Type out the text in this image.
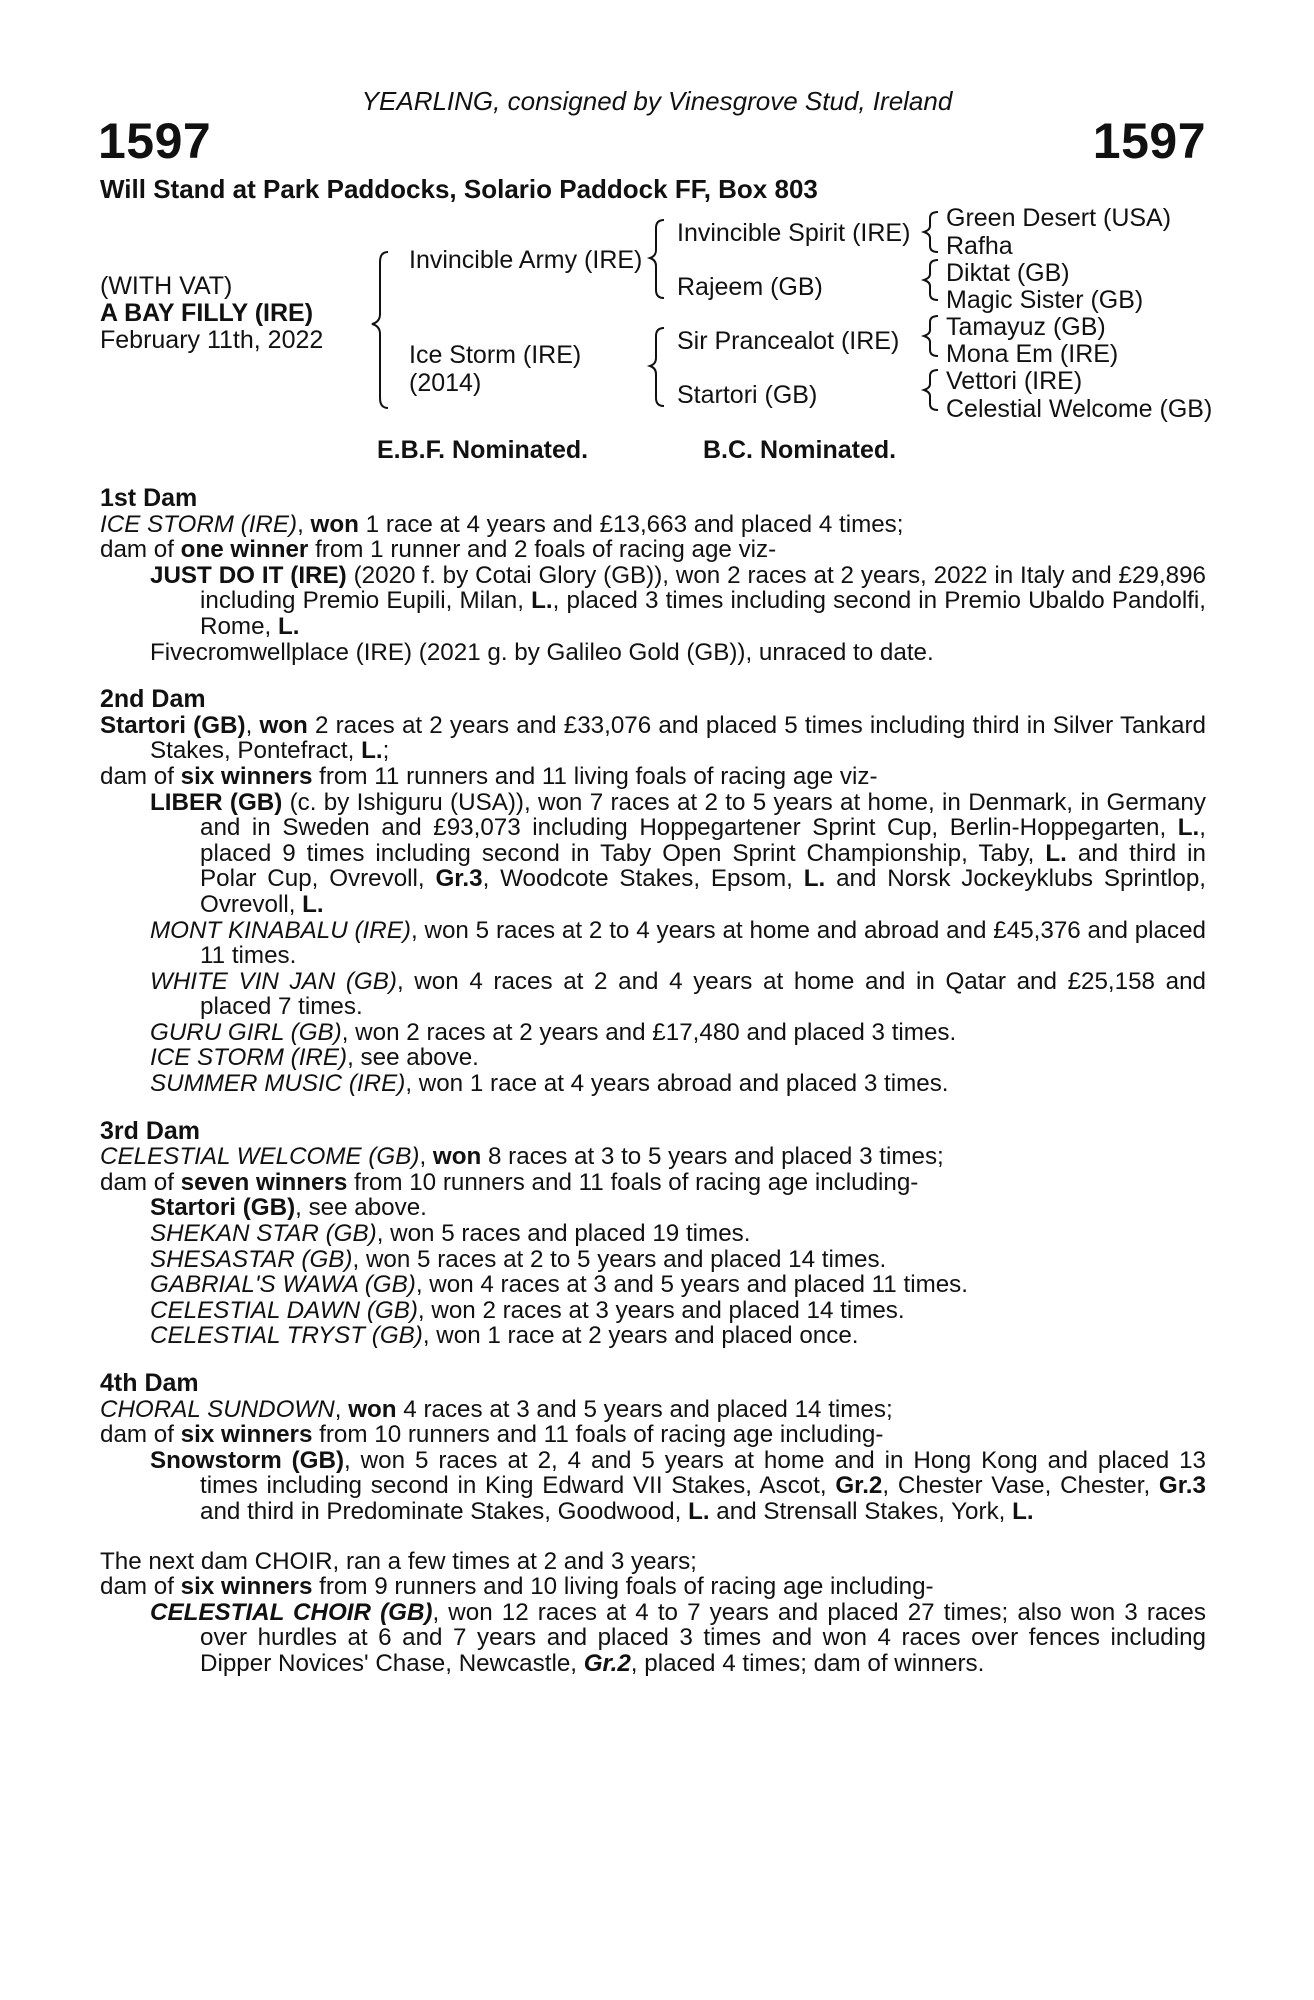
YEARLING, consigned by Vinesgrove Stud, Ireland
1597	1597
Will Stand at Park Paddocks, Solario Paddock FF, Box 803
(WITH VAT)
A BAY FILLY (IRE)
February 11th, 2022
Invincible Army (IRE)
Ice Storm (IRE)
(2014)
Invincible Spirit (IRE)
Rajeem (GB)
Sir Prancealot (IRE)
Startori (GB)
Green Desert (USA)
Rafha
Diktat (GB)
Magic Sister (GB)
Tamayuz (GB)
Mona Em (IRE)
Vettori (IRE)
Celestial Welcome (GB)
E.B.F. Nominated.	B.C. Nominated.

1st Dam

ICE STORM (IRE), won 1 race at 4 years and £13,663 and placed 4 times;

dam of one winner from 1 runner and 2 foals of racing age viz-

JUST DO IT (IRE) (2020 f. by Cotai Glory (GB)), won 2 races at 2 years, 2022 in Italy and £29,896 including Premio Eupili, Milan, L., placed 3 times including second in Premio Ubaldo Pandolfi, Rome, L.

Fivecromwellplace (IRE) (2021 g. by Galileo Gold (GB)), unraced to date.

2nd Dam

Startori (GB), won 2 races at 2 years and £33,076 and placed 5 times including third in Silver Tankard Stakes, Pontefract, L.;

dam of six winners from 11 runners and 11 living foals of racing age viz-

LIBER (GB) (c. by Ishiguru (USA)), won 7 races at 2 to 5 years at home, in Denmark, in Germany and in Sweden and £93,073 including Hoppegartener Sprint Cup, Berlin-Hoppegarten, L., placed 9 times including second in Taby Open Sprint Championship, Taby, L. and third in Polar Cup, Ovrevoll, Gr.3, Woodcote Stakes, Epsom, L. and Norsk Jockeyklubs Sprintlop, Ovrevoll, L.

MONT KINABALU (IRE), won 5 races at 2 to 4 years at home and abroad and £45,376 and placed 11 times.

WHITE VIN JAN (GB), won 4 races at 2 and 4 years at home and in Qatar and £25,158 and placed 7 times.

GURU GIRL (GB), won 2 races at 2 years and £17,480 and placed 3 times.

ICE STORM (IRE), see above.

SUMMER MUSIC (IRE), won 1 race at 4 years abroad and placed 3 times.

3rd Dam

CELESTIAL WELCOME (GB), won 8 races at 3 to 5 years and placed 3 times;

dam of seven winners from 10 runners and 11 foals of racing age including-

Startori (GB), see above.

SHEKAN STAR (GB), won 5 races and placed 19 times.

SHESASTAR (GB), won 5 races at 2 to 5 years and placed 14 times.

GABRIAL'S WAWA (GB), won 4 races at 3 and 5 years and placed 11 times.

CELESTIAL DAWN (GB), won 2 races at 3 years and placed 14 times.

CELESTIAL TRYST (GB), won 1 race at 2 years and placed once.

4th Dam

CHORAL SUNDOWN, won 4 races at 3 and 5 years and placed 14 times;

dam of six winners from 10 runners and 11 foals of racing age including-

Snowstorm (GB), won 5 races at 2, 4 and 5 years at home and in Hong Kong and placed 13 times including second in King Edward VII Stakes, Ascot, Gr.2, Chester Vase, Chester, Gr.3 and third in Predominate Stakes, Goodwood, L. and Strensall Stakes, York, L.

The next dam CHOIR, ran a few times at 2 and 3 years;

dam of six winners from 9 runners and 10 living foals of racing age including-

CELESTIAL CHOIR (GB), won 12 races at 4 to 7 years and placed 27 times; also won 3 races over hurdles at 6 and 7 years and placed 3 times and won 4 races over fences including Dipper Novices' Chase, Newcastle, Gr.2, placed 4 times; dam of winners.
